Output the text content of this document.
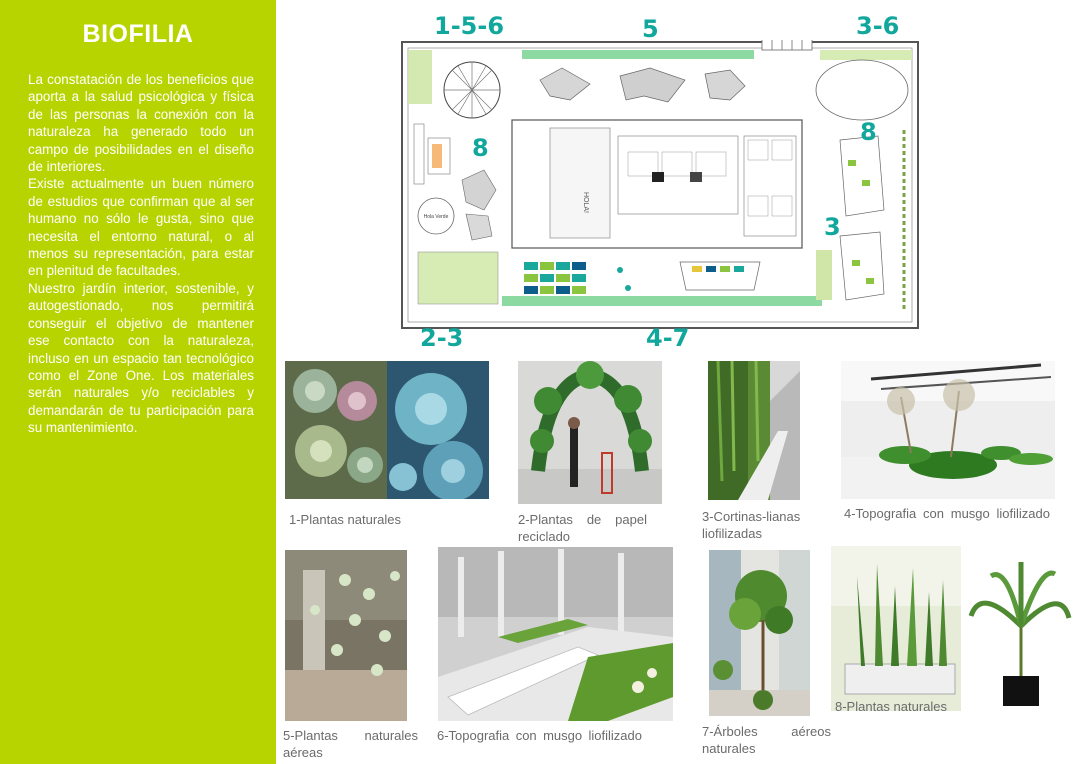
BIOFILIA

La constatación de los beneficios que aporta a la salud psicológica y física de las personas la conexión con la naturaleza ha generado todo un campo de posibilidades en el diseño de interiores.

Existe actualmente un buen número de estudios que confirman que al ser humano no sólo le gusta, sino que necesita el entorno natural, o al menos su representación, para estar en plenitud de facultades.

Nuestro jardín interior, sostenible, y autogestionado, nos permitirá conseguir el objetivo de mantener ese contacto con la naturaleza, incluso en un espacio tan tecnológico como el Zone One. Los materiales serán naturales y/o reciclables y demandarán de tu participación para su mantenimiento.

HOLA!
Hola Verde
1-5-6	5	3-6
8
8
3
2-3	4-7
1-Plantas naturales	2-Plantas de papel reciclado
3-Cortinas-lianas liofilizadas
4-Topografia con musgo liofilizado
5-Plantas naturales aéreas
6-Topografia con musgo liofilizado	7-Árboles aéreos naturales
8-Plantas naturales
